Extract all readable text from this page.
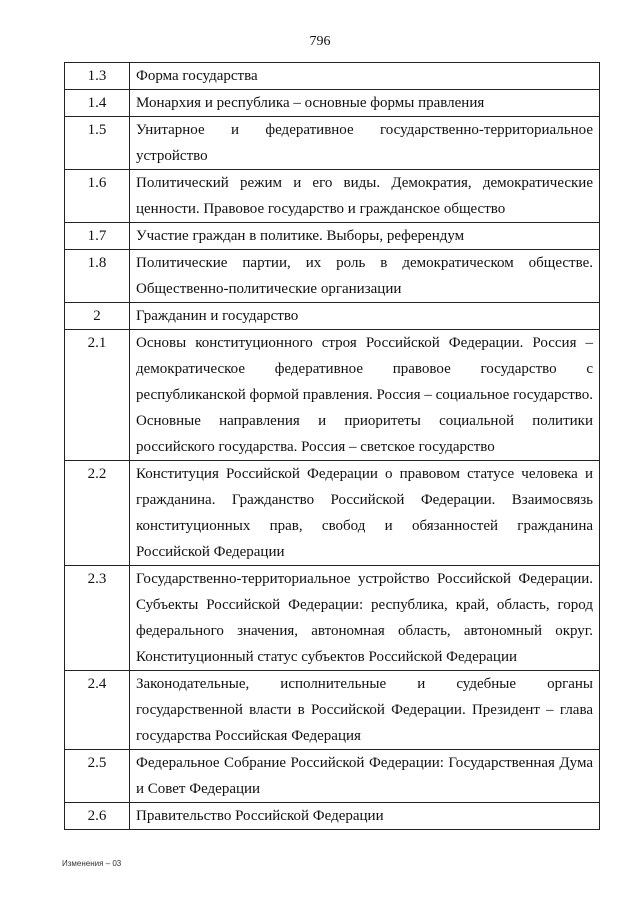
796
1.3	Форма государства
1.4	Монархия и республика – основные формы правления
1.5	Унитарное и федеративное государственно-территориальное устройство
1.6	Политический режим и его виды. Демократия, демократические ценности. Правовое государство и гражданское общество
1.7	Участие граждан в политике. Выборы, референдум
1.8	Политические партии, их роль в демократическом обществе. Общественно-политические организации
2	Гражданин и государство
2.1	Основы конституционного строя Российской Федерации. Россия – демократическое федеративное правовое государство с республиканской формой правления. Россия – социальное государство. Основные направления и приоритеты социальной политики российского государства. Россия – светское государство
2.2	Конституция Российской Федерации о правовом статусе человека и гражданина. Гражданство Российской Федерации. Взаимосвязь конституционных прав, свобод и обязанностей гражданина Российской Федерации
2.3	Государственно-территориальное устройство Российской Федерации. Субъекты Российской Федерации: республика, край, область, город федерального значения, автономная область, автономный округ. Конституционный статус субъектов Российской Федерации
2.4	Законодательные, исполнительные и судебные органы государственной власти в Российской Федерации. Президент – глава государства Российская Федерация
2.5	Федеральное Собрание Российской Федерации: Государственная Дума и Совет Федерации
2.6	Правительство Российской Федерации
Изменения – 03
